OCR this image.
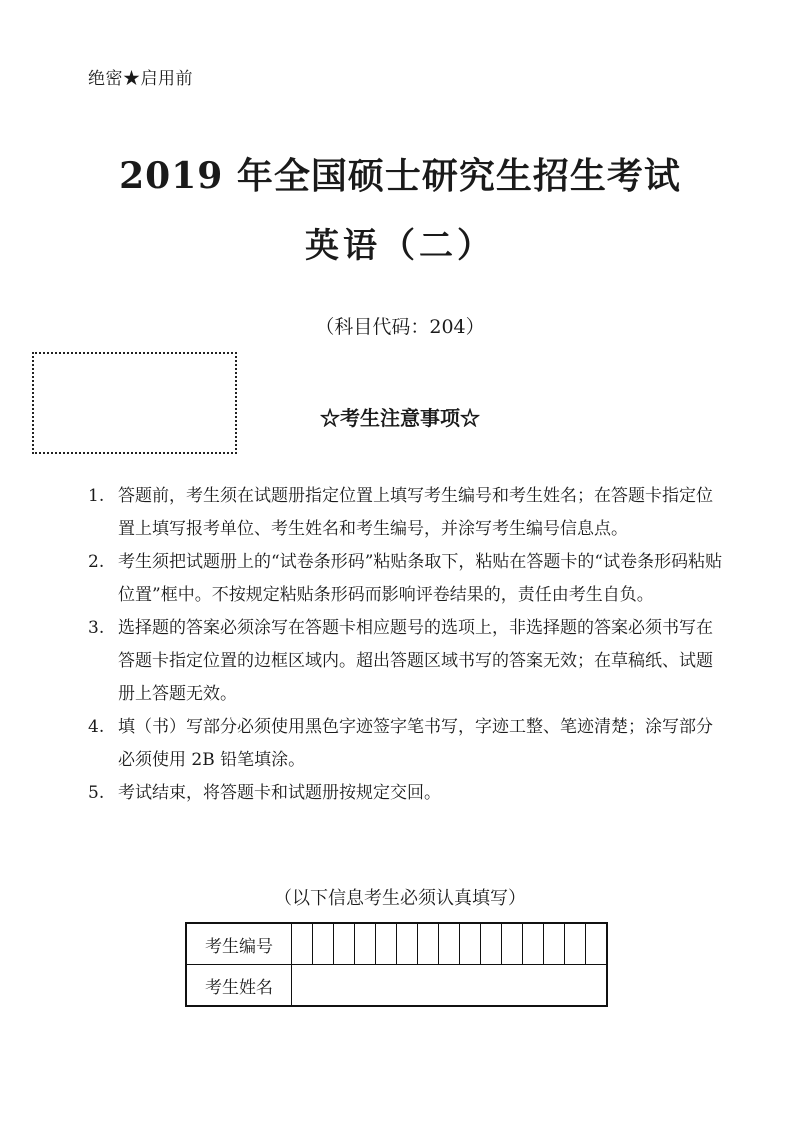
绝密★启用前
2019 年全国硕士研究生招生考试
英语（二）
（科目代码：204）
☆考生注意事项☆
1. 答题前，考生须在试题册指定位置上填写考生编号和考生姓名；在答题卡指定位置上填写报考单位、考生姓名和考生编号，并涂写考生编号信息点。
2. 考生须把试题册上的“试卷条形码”粘贴条取下，粘贴在答题卡的“试卷条形码粘贴位置”框中。不按规定粘贴条形码而影响评卷结果的，责任由考生自负。
3. 选择题的答案必须涂写在答题卡相应题号的选项上，非选择题的答案必须书写在答题卡指定位置的边框区域内。超出答题区域书写的答案无效；在草稿纸、试题册上答题无效。
4. 填（书）写部分必须使用黑色字迹签字笔书写，字迹工整、笔迹清楚；涂写部分必须使用 2B 铅笔填涂。
5. 考试结束，将答题卡和试题册按规定交回。
（以下信息考生必须认真填写）
考生编号															
考生姓名															
